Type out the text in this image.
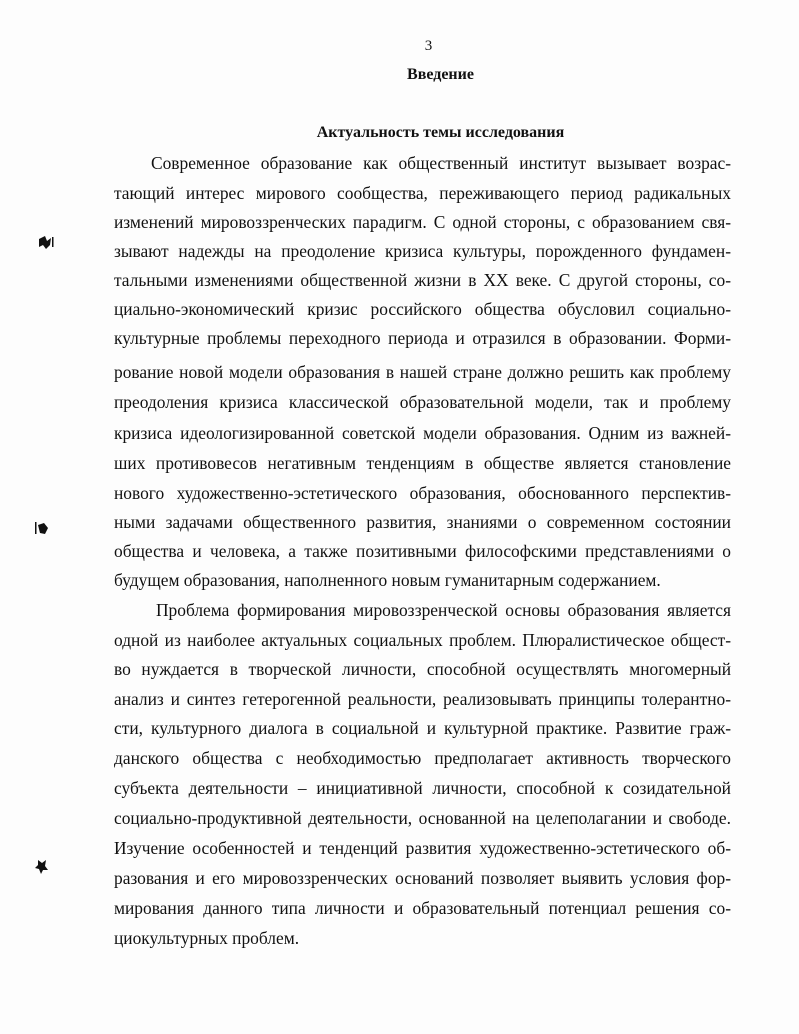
3
Введение
Актуальность темы исследования
Современное образование как общественный институт вызывает возрас-
тающий интерес мирового сообщества, переживающего период радикальных
изменений мировоззренческих парадигм. С одной стороны, с образованием свя-
зывают надежды на преодоление кризиса культуры, порожденного фундамен-
тальными изменениями общественной жизни в XX веке. С другой стороны, со-
циально-экономический кризис российского общества обусловил социально-
культурные проблемы переходного периода и отразился в образовании. Форми-
рование новой модели образования в нашей стране должно решить как проблему
преодоления кризиса классической образовательной модели, так и проблему
кризиса идеологизированной советской модели образования. Одним из важней-
ших противовесов негативным тенденциям в обществе является становление
нового художественно-эстетического образования, обоснованного перспектив-
ными задачами общественного развития, знаниями о современном состоянии
общества и человека, а также позитивными философскими представлениями о
будущем образования, наполненного новым гуманитарным содержанием.
Проблема формирования мировоззренческой основы образования является
одной из наиболее актуальных социальных проблем. Плюралистическое общест-
во нуждается в творческой личности, способной осуществлять многомерный
анализ и синтез гетерогенной реальности, реализовывать принципы толерантно-
сти, культурного диалога в социальной и культурной практике. Развитие граж-
данского общества с необходимостью предполагает активность творческого
субъекта деятельности – инициативной личности, способной к созидательной
социально-продуктивной деятельности, основанной на целеполагании и свободе.
Изучение особенностей и тенденций развития художественно-эстетического об-
разования и его мировоззренческих оснований позволяет выявить условия фор-
мирования данного типа личности и образовательный потенциал решения со-
циокультурных проблем.
